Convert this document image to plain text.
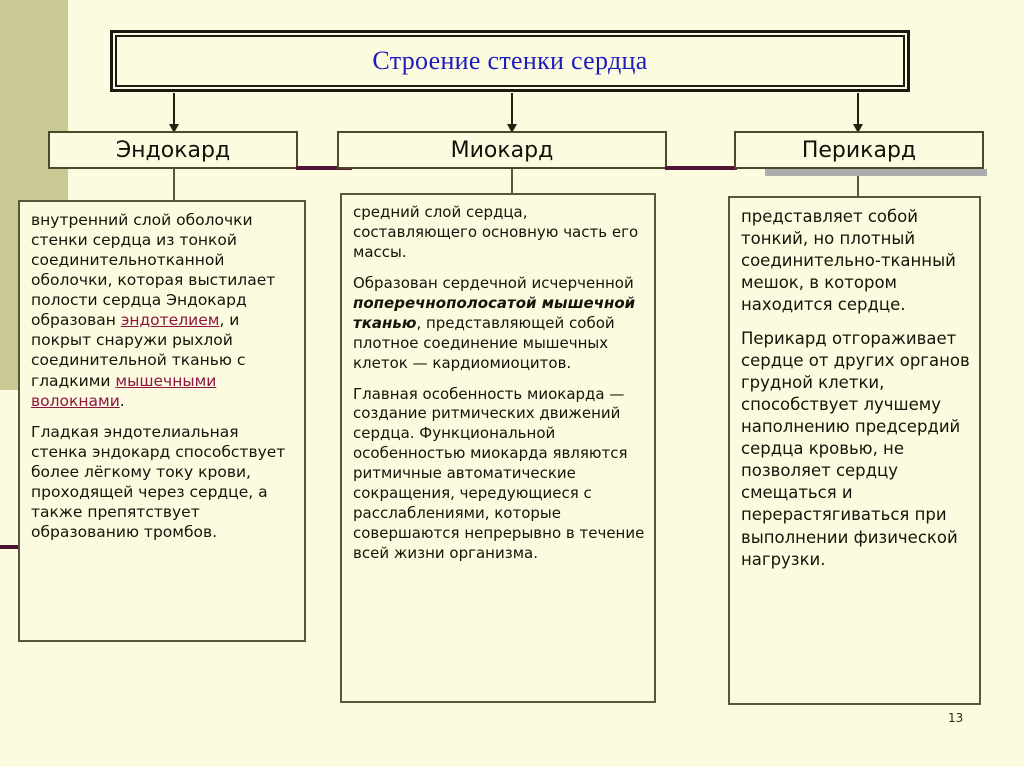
Строение стенки сердца
Эндокард	Миокард	Перикард

внутренний слой оболочки стенки сердца из тонкой соединительнотканной оболочки, которая выстилает полости сердца Эндокард образован эндотелием, и покрыт снаружи рыхлой соединительной тканью с гладкими мышечными волокнами.

Гладкая эндотелиальная стенка эндокард способствует более лёгкому току крови, проходящей через сердце, а также препятствует образованию тромбов.

средний слой сердца, составляющего основную часть его массы.

Образован сердечной исчерченной поперечнополосатой мышечной тканью, представляющей собой плотное соединение мышечных клеток — кардиомиоцитов.

Главная особенность миокарда — создание ритмических движений сердца. Функциональной особенностью миокарда являются ритмичные автоматические сокращения, чередующиеся с расслаблениями, которые совершаются непрерывно в течение всей жизни организма.

представляет собой тонкий, но плотный соединительно-тканный мешок, в котором находится сердце.

Перикард отгораживает сердце от других органов грудной клетки, способствует лучшему наполнению предсердий сердца кровью, не позволяет сердцу смещаться и перерастягиваться при выполнении физической нагрузки.

13
